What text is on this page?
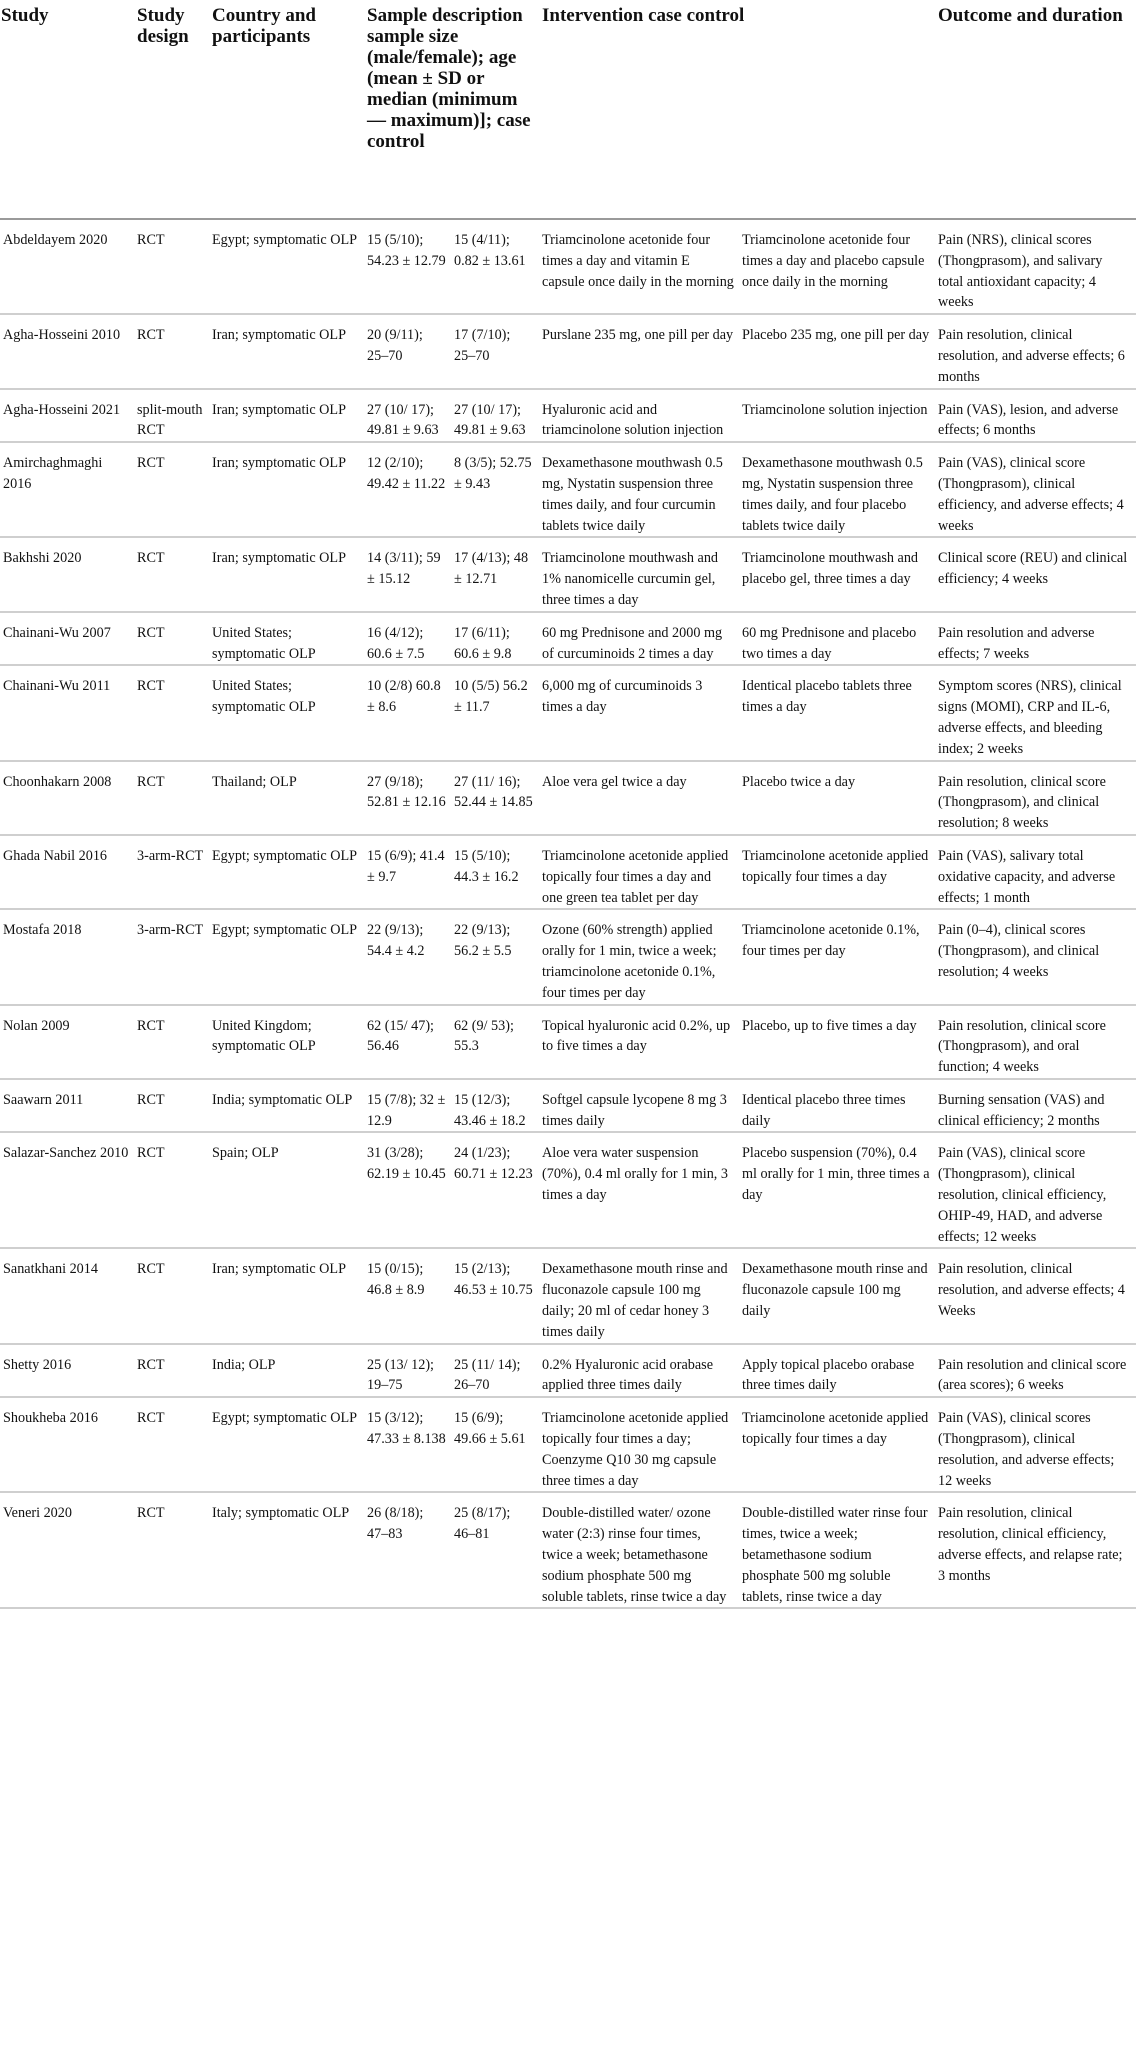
Study	Study design	Country and participants	Sample description sample size (male/female); age (mean ± SD or median (minimum — maximum)]; case control		Intervention case control		Outcome and duration
Abdeldayem 2020	RCT	Egypt; symptomatic OLP	15 (5/10); 54.23 ± 12.79	15 (4/11); 0.82 ± 13.61	Triamcinolone acetonide four times a day and vitamin E capsule once daily in the morning	Triamcinolone acetonide four times a day and placebo capsule once daily in the morning	Pain (NRS), clinical scores (Thongprasom), and salivary total antioxidant capacity; 4 weeks
Agha-Hosseini 2010	RCT	Iran; symptomatic OLP	20 (9/11); 25–70	17 (7/10); 25–70	Purslane 235 mg, one pill per day	Placebo 235 mg, one pill per day	Pain resolution, clinical resolution, and adverse effects; 6 months
Agha-Hosseini 2021	split-mouth RCT	Iran; symptomatic OLP	27 (10/ 17); 49.81 ± 9.63	27 (10/ 17); 49.81 ± 9.63	Hyaluronic acid and triamcinolone solution injection	Triamcinolone solution injection	Pain (VAS), lesion, and adverse effects; 6 months
Amirchaghmaghi 2016	RCT	Iran; symptomatic OLP	12 (2/10); 49.42 ± 11.22	8 (3/5); 52.75 ± 9.43	Dexamethasone mouthwash 0.5 mg, Nystatin suspension three times daily, and four curcumin tablets twice daily	Dexamethasone mouthwash 0.5 mg, Nystatin suspension three times daily, and four placebo tablets twice daily	Pain (VAS), clinical score (Thongprasom), clinical efficiency, and adverse effects; 4 weeks
Bakhshi 2020	RCT	Iran; symptomatic OLP	14 (3/11); 59 ± 15.12	17 (4/13); 48 ± 12.71	Triamcinolone mouthwash and 1% nanomicelle curcumin gel, three times a day	Triamcinolone mouthwash and placebo gel, three times a day	Clinical score (REU) and clinical efficiency; 4 weeks
Chainani-Wu 2007	RCT	United States; symptomatic OLP	16 (4/12); 60.6 ± 7.5	17 (6/11); 60.6 ± 9.8	60 mg Prednisone and 2000 mg of curcuminoids 2 times a day	60 mg Prednisone and placebo two times a day	Pain resolution and adverse effects; 7 weeks
Chainani-Wu 2011	RCT	United States; symptomatic OLP	10 (2/8) 60.8 ± 8.6	10 (5/5) 56.2 ± 11.7	6,000 mg of curcuminoids 3 times a day	Identical placebo tablets three times a day	Symptom scores (NRS), clinical signs (MOMI), CRP and IL-6, adverse effects, and bleeding index; 2 weeks
Choonhakarn 2008	RCT	Thailand; OLP	27 (9/18); 52.81 ± 12.16	27 (11/ 16); 52.44 ± 14.85	Aloe vera gel twice a day	Placebo twice a day	Pain resolution, clinical score (Thongprasom), and clinical resolution; 8 weeks
Ghada Nabil 2016	3-arm-RCT	Egypt; symptomatic OLP	15 (6/9); 41.4 ± 9.7	15 (5/10); 44.3 ± 16.2	Triamcinolone acetonide applied topically four times a day and one green tea tablet per day	Triamcinolone acetonide applied topically four times a day	Pain (VAS), salivary total oxidative capacity, and adverse effects; 1 month
Mostafa 2018	3-arm-RCT	Egypt; symptomatic OLP	22 (9/13); 54.4 ± 4.2	22 (9/13); 56.2 ± 5.5	Ozone (60% strength) applied orally for 1 min, twice a week; triamcinolone acetonide 0.1%, four times per day	Triamcinolone acetonide 0.1%, four times per day	Pain (0–4), clinical scores (Thongprasom), and clinical resolution; 4 weeks
Nolan 2009	RCT	United Kingdom; symptomatic OLP	62 (15/ 47); 56.46	62 (9/ 53); 55.3	Topical hyaluronic acid 0.2%, up to five times a day	Placebo, up to five times a day	Pain resolution, clinical score (Thongprasom), and oral function; 4 weeks
Saawarn 2011	RCT	India; symptomatic OLP	15 (7/8); 32 ± 12.9	15 (12/3); 43.46 ± 18.2	Softgel capsule lycopene 8 mg 3 times daily	Identical placebo three times daily	Burning sensation (VAS) and clinical efficiency; 2 months
Salazar-Sanchez 2010	RCT	Spain; OLP	31 (3/28); 62.19 ± 10.45	24 (1/23); 60.71 ± 12.23	Aloe vera water suspension (70%), 0.4 ml orally for 1 min, 3 times a day	Placebo suspension (70%), 0.4 ml orally for 1 min, three times a day	Pain (VAS), clinical score (Thongprasom), clinical resolution, clinical efficiency, OHIP-49, HAD, and adverse effects; 12 weeks
Sanatkhani 2014	RCT	Iran; symptomatic OLP	15 (0/15); 46.8 ± 8.9	15 (2/13); 46.53 ± 10.75	Dexamethasone mouth rinse and fluconazole capsule 100 mg daily; 20 ml of cedar honey 3 times daily	Dexamethasone mouth rinse and fluconazole capsule 100 mg daily	Pain resolution, clinical resolution, and adverse effects; 4 Weeks
Shetty 2016	RCT	India; OLP	25 (13/ 12); 19–75	25 (11/ 14); 26–70	0.2% Hyaluronic acid orabase applied three times daily	Apply topical placebo orabase three times daily	Pain resolution and clinical score (area scores); 6 weeks
Shoukheba 2016	RCT	Egypt; symptomatic OLP	15 (3/12); 47.33 ± 8.138	15 (6/9); 49.66 ± 5.61	Triamcinolone acetonide applied topically four times a day; Coenzyme Q10 30 mg capsule three times a day	Triamcinolone acetonide applied topically four times a day	Pain (VAS), clinical scores (Thongprasom), clinical resolution, and adverse effects; 12 weeks
Veneri 2020	RCT	Italy; symptomatic OLP	26 (8/18); 47–83	25 (8/17); 46–81	Double-distilled water/ ozone water (2:3) rinse four times, twice a week; betamethasone sodium phosphate 500 mg soluble tablets, rinse twice a day	Double-distilled water rinse four times, twice a week; betamethasone sodium phosphate 500 mg soluble tablets, rinse twice a day	Pain resolution, clinical resolution, clinical efficiency, adverse effects, and relapse rate; 3 months
